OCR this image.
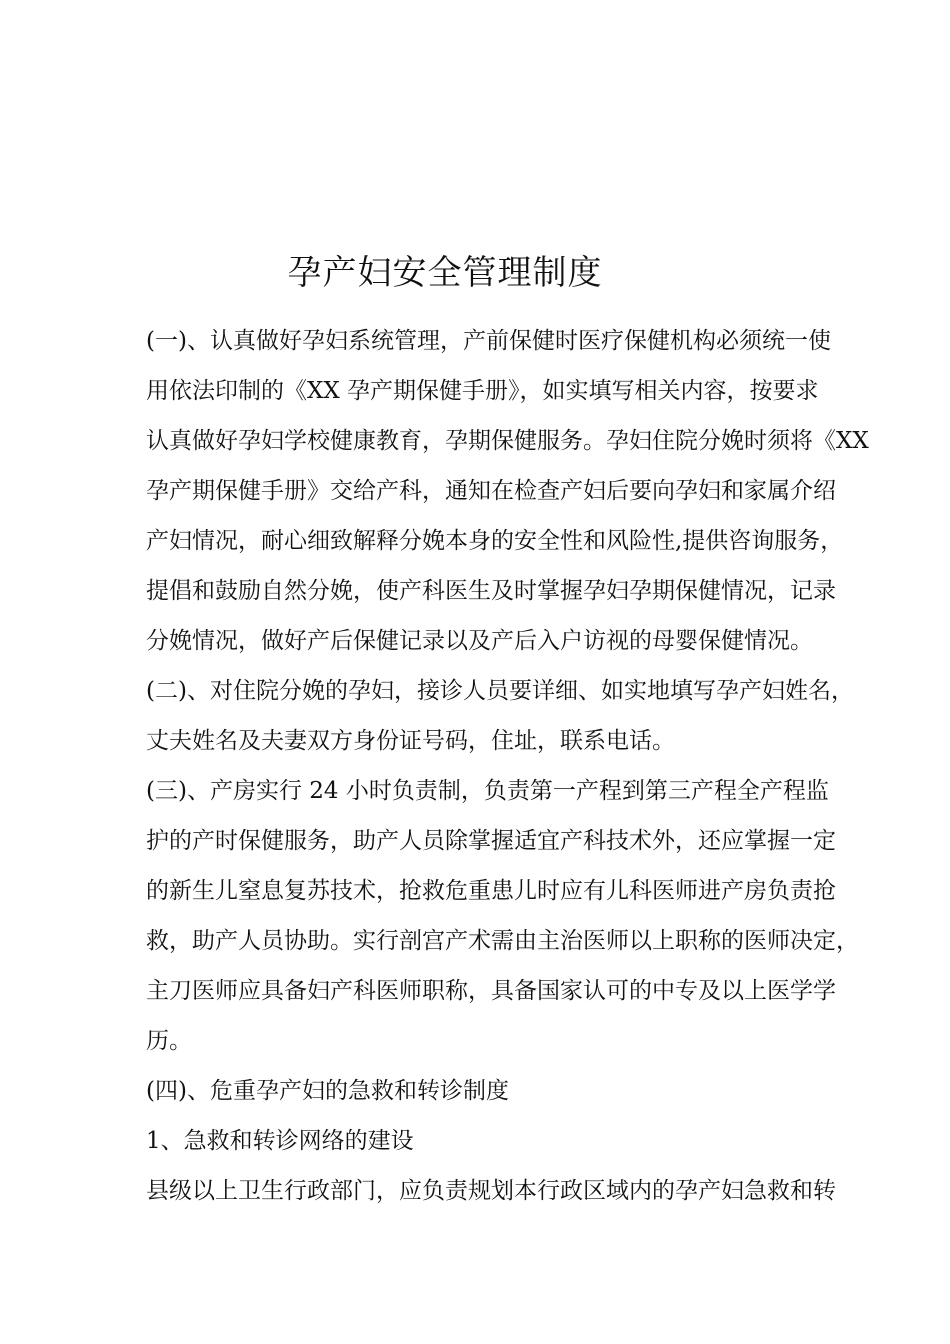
孕产妇安全管理制度
(一)、认真做好孕妇系统管理，产前保健时医疗保健机构必须统一使
用依法印制的《XX 孕产期保健手册》，如实填写相关内容，按要求
认真做好孕妇学校健康教育，孕期保健服务。孕妇住院分娩时须将《XX
孕产期保健手册》交给产科，通知在检查产妇后要向孕妇和家属介绍
产妇情况，耐心细致解释分娩本身的安全性和风险性,提供咨询服务，
提倡和鼓励自然分娩，使产科医生及时掌握孕妇孕期保健情况，记录
分娩情况，做好产后保健记录以及产后入户访视的母婴保健情况。
(二)、对住院分娩的孕妇，接诊人员要详细、如实地填写孕产妇姓名，
丈夫姓名及夫妻双方身份证号码，住址，联系电话。
(三)、产房实行 24 小时负责制，负责第一产程到第三产程全产程监
护的产时保健服务，助产人员除掌握适宜产科技术外，还应掌握一定
的新生儿窒息复苏技术，抢救危重患儿时应有儿科医师进产房负责抢
救，助产人员协助。实行剖宫产术需由主治医师以上职称的医师决定，
主刀医师应具备妇产科医师职称，具备国家认可的中专及以上医学学
历。
(四)、危重孕产妇的急救和转诊制度
1、急救和转诊网络的建设
县级以上卫生行政部门，应负责规划本行政区域内的孕产妇急救和转
